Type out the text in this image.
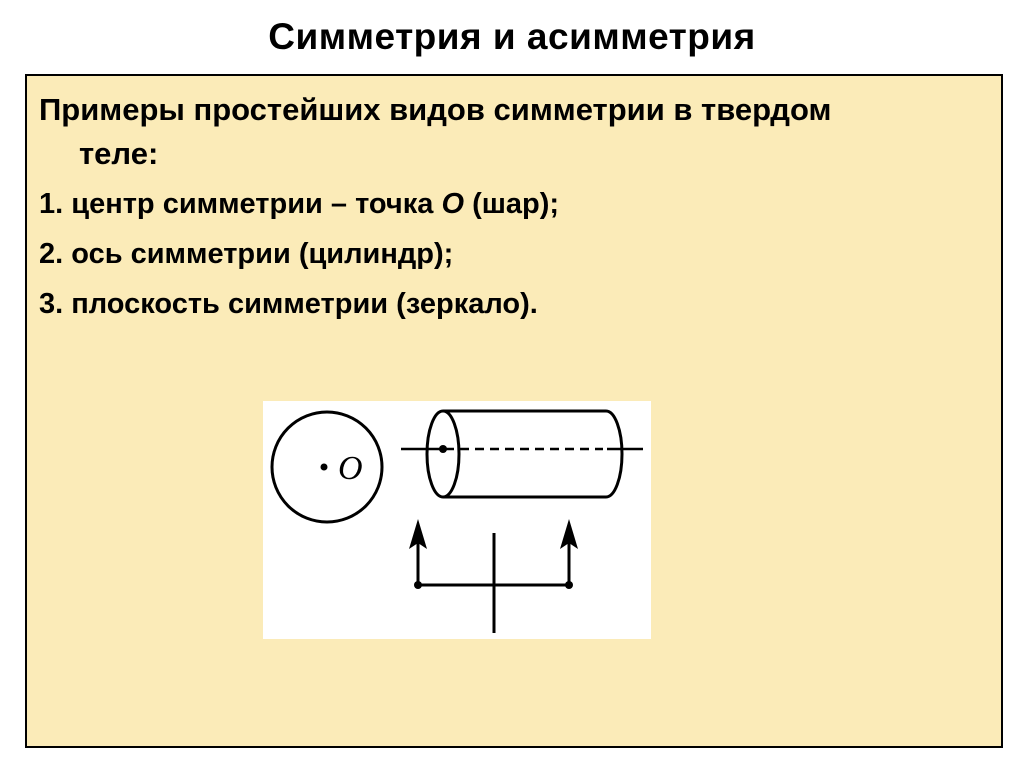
Симметрия и асимметрия
Примеры простейших видов симметрии в твердом
теле:
1. центр симметрии – точка O (шар);
2. ось симметрии (цилиндр);
3. плоскость симметрии (зеркало).
O
